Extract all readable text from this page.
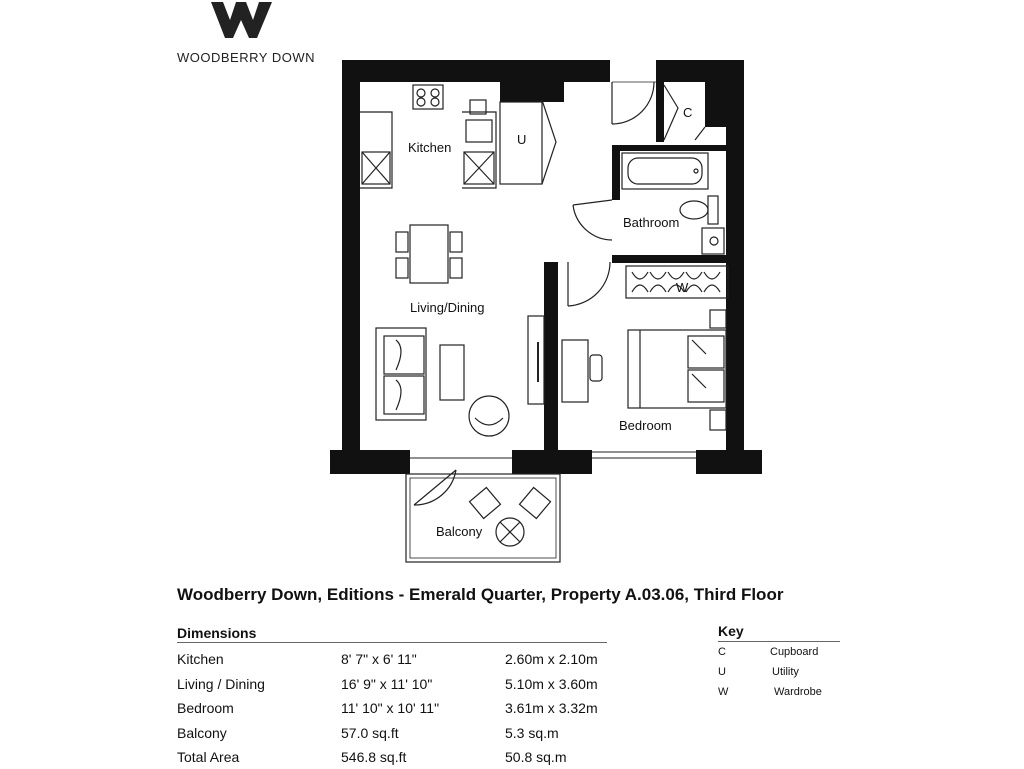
Kitchen
U
C
Bathroom
W
Living/Dining
Bedroom
Balcony
WOODBERRY DOWN
Woodberry Down, Editions - Emerald Quarter, Property A.03.06, Third Floor
Dimensions
Kitchen	8' 7" x 6' 11"	2.60m x 2.10m
Living / Dining	16' 9" x 11' 10"	5.10m x 3.60m
Bedroom	11' 10" x 10' 11"	3.61m x 3.32m
Balcony	57.0 sq.ft	5.3 sq.m
Total Area	546.8 sq.ft	50.8 sq.m
Key
C	Cupboard
U	Utility
W	Wardrobe
